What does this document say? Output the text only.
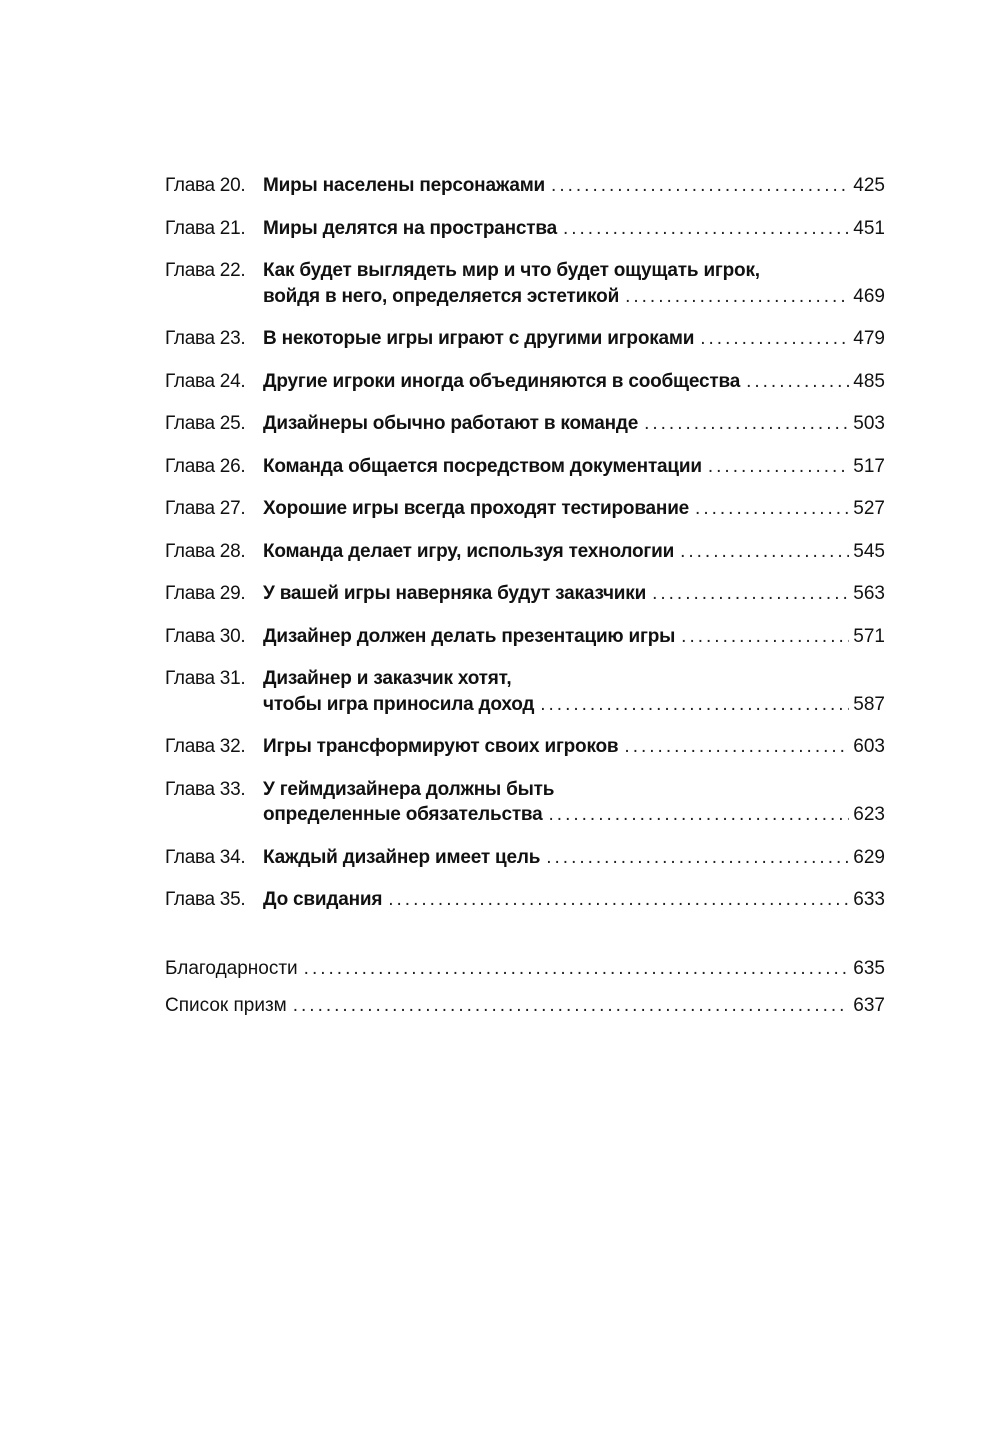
Глава 20. Миры населены персонажами .....	425
Глава 21. Миры делятся на пространства .....	451
Глава 22. Как будет выглядеть мир и что будет ощущать игрок,
войдя в него, определяется эстетикой .....	469
Глава 23. В некоторые игры играют с другими игроками .....	479
Глава 24. Другие игроки иногда объединяются в сообщества .....	485
Глава 25. Дизайнеры обычно работают в команде .....	503
Глава 26. Команда общается посредством документации .....	517
Глава 27. Хорошие игры всегда проходят тестирование .....	527
Глава 28. Команда делает игру, используя технологии .....	545
Глава 29. У вашей игры наверняка будут заказчики .....	563
Глава 30. Дизайнер должен делать презентацию игры .....	571
Глава 31. Дизайнер и заказчик хотят,
чтобы игра приносила доход .....	587
Глава 32. Игры трансформируют своих игроков .....	603
Глава 33. У геймдизайнера должны быть
определенные обязательства .....	623
Глава 34. Каждый дизайнер имеет цель .....	629
Глава 35. До свидания .....	633
Благодарности .....	635
Список призм .....	637
